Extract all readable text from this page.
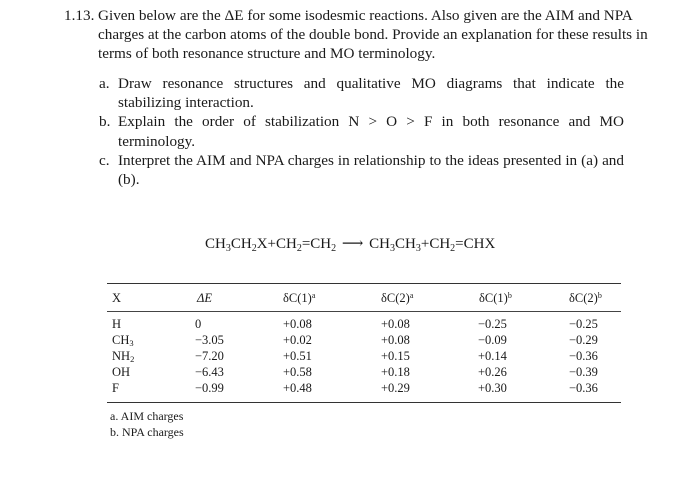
1.13. Given below are the ΔE for some isodesmic reactions. Also given are the AIM and NPA charges at the carbon atoms of the double bond. Provide an explanation for these results in terms of both resonance structure and MO terminology.
a. Draw resonance structures and qualitative MO diagrams that indicate the stabilizing interaction.
b. Explain the order of stabilization N > O > F in both resonance and MO terminology.
c. Interpret the AIM and NPA charges in relationship to the ideas presented in (a) and (b).
$CH_3CH_2X+CH_2=CH_2$ ⟶ $CH_3CH_3+CH_2=CHX$
X	ΔE	$\delta C(1)^a$	$\delta C(2)^a$	$\delta C(1)^b$	$\delta C(2)^b$
H	0	+0.08	+0.08	−0.25	−0.25
$CH_3$	−3.05	+0.02	+0.08	−0.09	−0.29
$NH_2$	−7.20	+0.51	+0.15	+0.14	−0.36
OH	−6.43	+0.58	+0.18	+0.26	−0.39
F	−0.99	+0.48	+0.29	+0.30	−0.36
a. AIM charges
b. NPA charges
